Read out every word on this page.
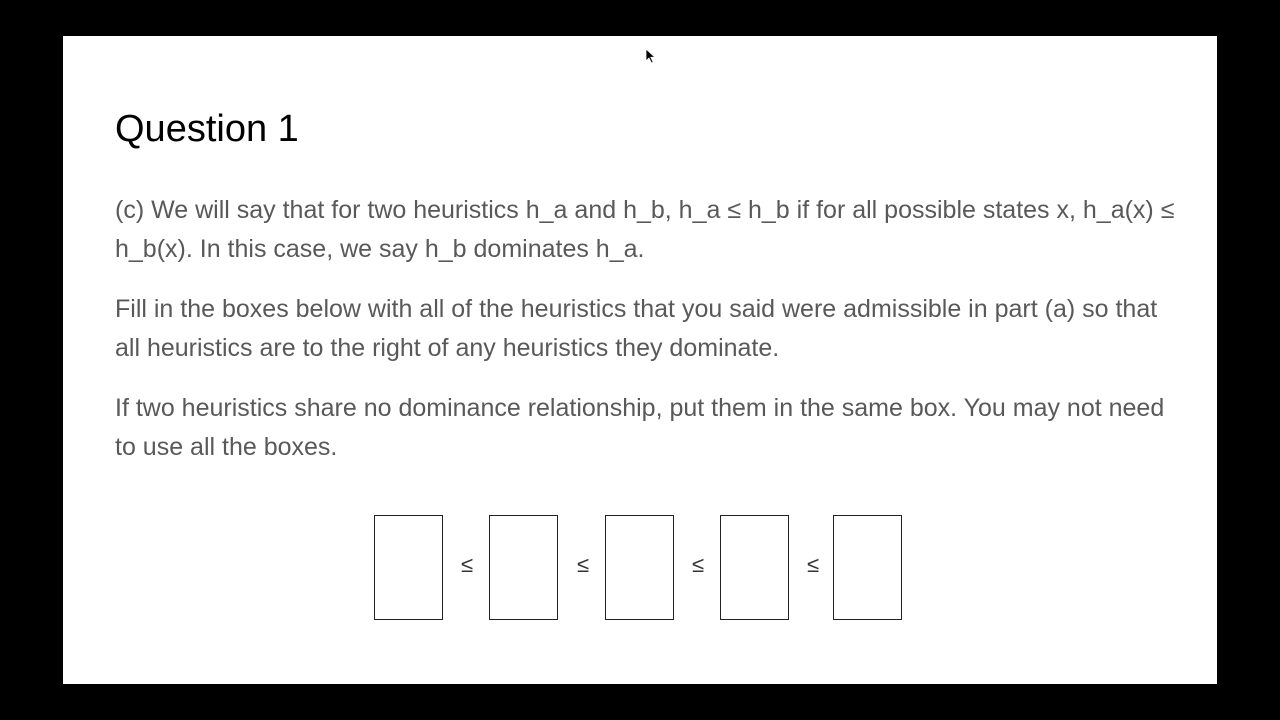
Question 1

(c) We will say that for two heuristics h_a and h_b, h_a ≤ h_b if for all possible states x, h_a(x) ≤ h_b(x). In this case, we say h_b dominates h_a.

Fill in the boxes below with all of the heuristics that you said were admissible in part (a) so that all heuristics are to the right of any heuristics they dominate.

If two heuristics share no dominance relationship, put them in the same box. You may not need to use all the boxes.

≤	≤	≤	≤
